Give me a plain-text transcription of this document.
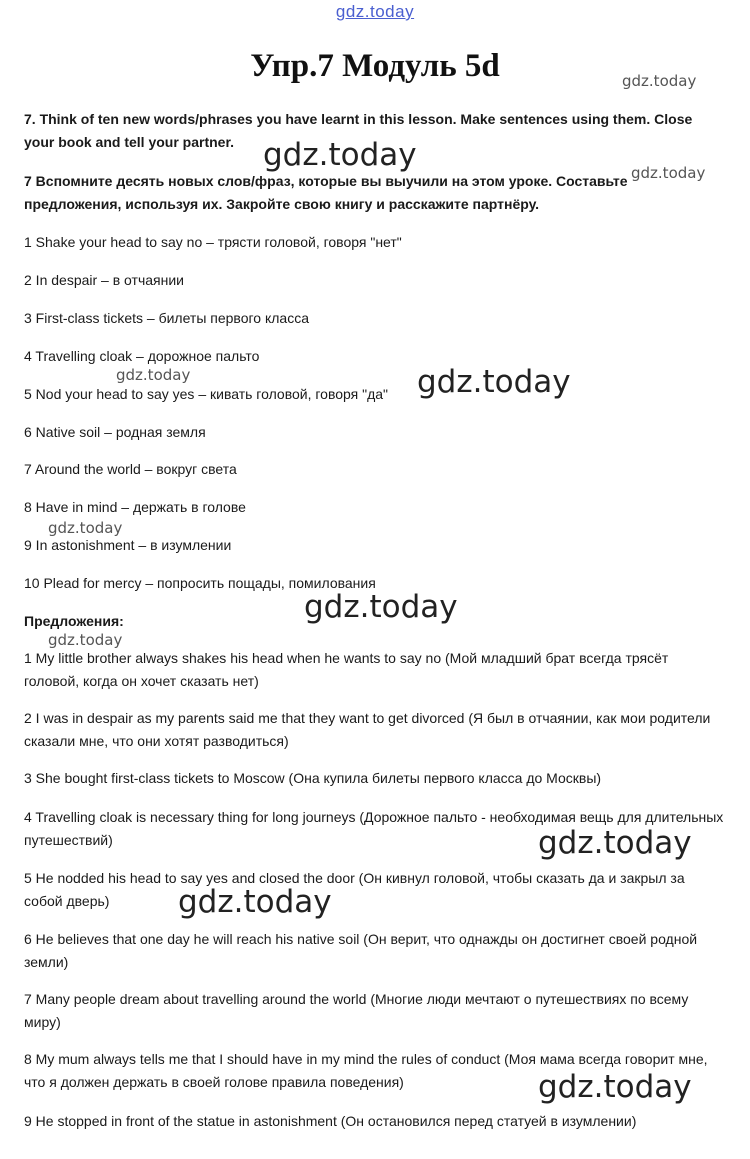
gdz.today
Упр.7 Модуль 5d

7. Think of ten new words/phrases you have learnt in this lesson. Make sentences using them. Close your book and tell your partner.

7 Вспомните десять новых слов/фраз, которые вы выучили на этом уроке. Составьте предложения, используя их. Закройте свою книгу и расскажите партнёру.

1 Shake your head to say no – трясти головой, говоря "нет"

2 In despair – в отчаянии

3 First-class tickets – билеты первого класса

4 Travelling cloak – дорожное пальто

5 Nod your head to say yes – кивать головой, говоря "да"

6 Native soil – родная земля

7 Around the world – вокруг света

8 Have in mind – держать в голове

9 In astonishment – в изумлении

10 Plead for mercy – попросить пощады, помилования

Предложения:

1 My little brother always shakes his head when he wants to say no (Мой младший брат всегда трясёт головой, когда он хочет сказать нет)

2 I was in despair as my parents said me that they want to get divorced (Я был в отчаянии, как мои родители сказали мне, что они хотят разводиться)

3 She bought first-class tickets to Moscow (Она купила билеты первого класса до Москвы)

4 Travelling cloak is necessary thing for long journeys (Дорожное пальто - необходимая вещь для длительных путешествий)

5 He nodded his head to say yes and closed the door (Он кивнул головой, чтобы сказать да и закрыл за собой дверь)

6 He believes that one day he will reach his native soil (Он верит, что однажды он достигнет своей родной земли)

7 Many people dream about travelling around the world (Многие люди мечтают о путешествиях по всему миру)

8 My mum always tells me that I should have in my mind the rules of conduct (Моя мама всегда говорит мне, что я должен держать в своей голове правила поведения)

9 He stopped in front of the statue in astonishment (Он остановился перед статуей в изумлении)

gdz.today
gdz.today	gdz.today
gdz.today	gdz.today
gdz.today
gdz.today
gdz.today
gdz.today
gdz.today
gdz.today
